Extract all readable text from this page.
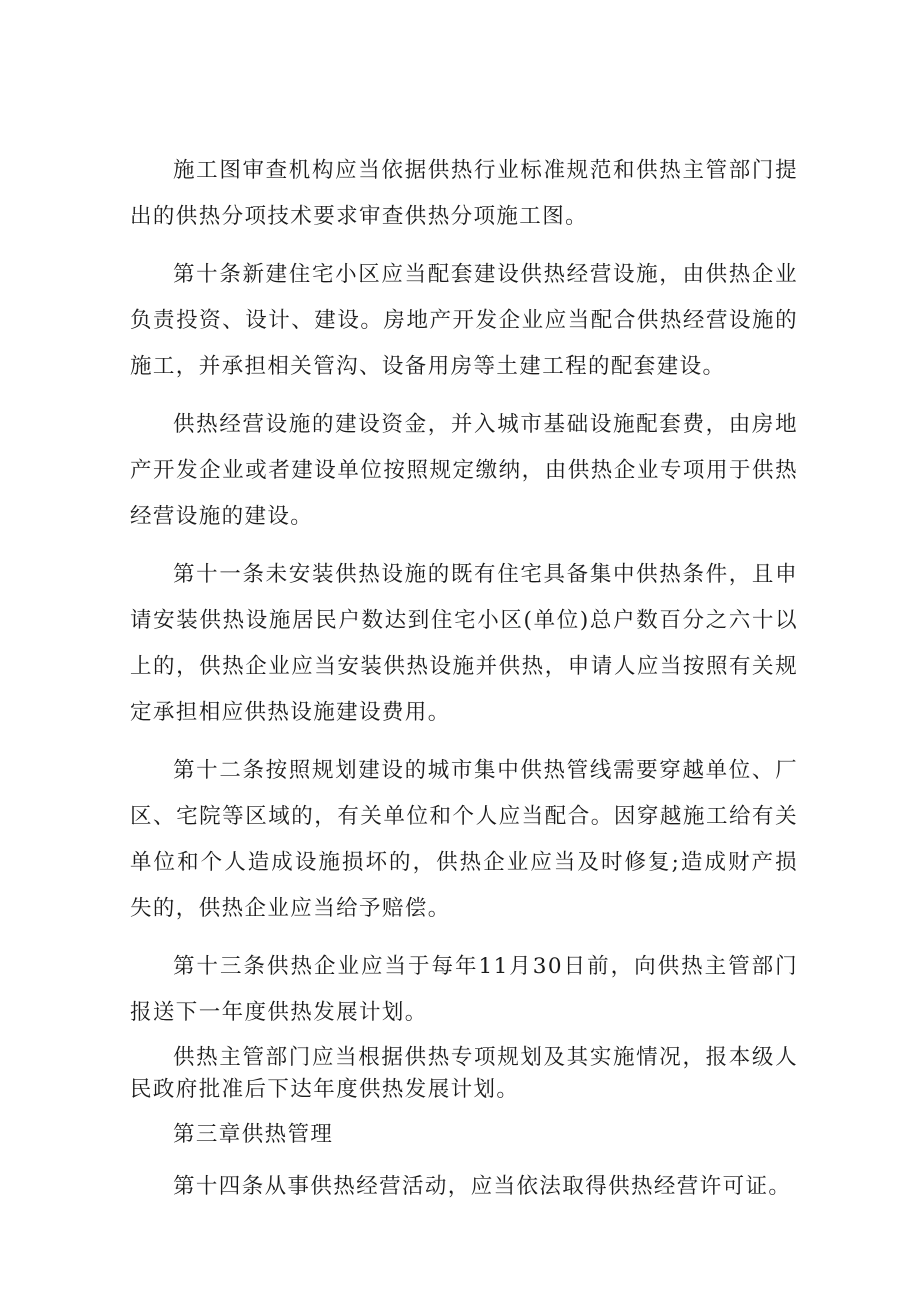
施工图审查机构应当依据供热行业标准规范和供热主管部门提出的供热分项技术要求审查供热分项施工图。

第十条新建住宅小区应当配套建设供热经营设施，由供热企业负责投资、设计、建设。房地产开发企业应当配合供热经营设施的施工，并承担相关管沟、设备用房等土建工程的配套建设。

供热经营设施的建设资金，并入城市基础设施配套费，由房地产开发企业或者建设单位按照规定缴纳，由供热企业专项用于供热经营设施的建设。

第十一条未安装供热设施的既有住宅具备集中供热条件，且申请安装供热设施居民户数达到住宅小区(单位)总户数百分之六十以上的，供热企业应当安装供热设施并供热，申请人应当按照有关规定承担相应供热设施建设费用。

第十二条按照规划建设的城市集中供热管线需要穿越单位、厂区、宅院等区域的，有关单位和个人应当配合。因穿越施工给有关单位和个人造成设施损坏的，供热企业应当及时修复;造成财产损失的，供热企业应当给予赔偿。

第十三条供热企业应当于每年11月30日前，向供热主管部门报送下一年度供热发展计划。

供热主管部门应当根据供热专项规划及其实施情况，报本级人民政府批准后下达年度供热发展计划。

第三章供热管理

第十四条从事供热经营活动，应当依法取得供热经营许可证。
